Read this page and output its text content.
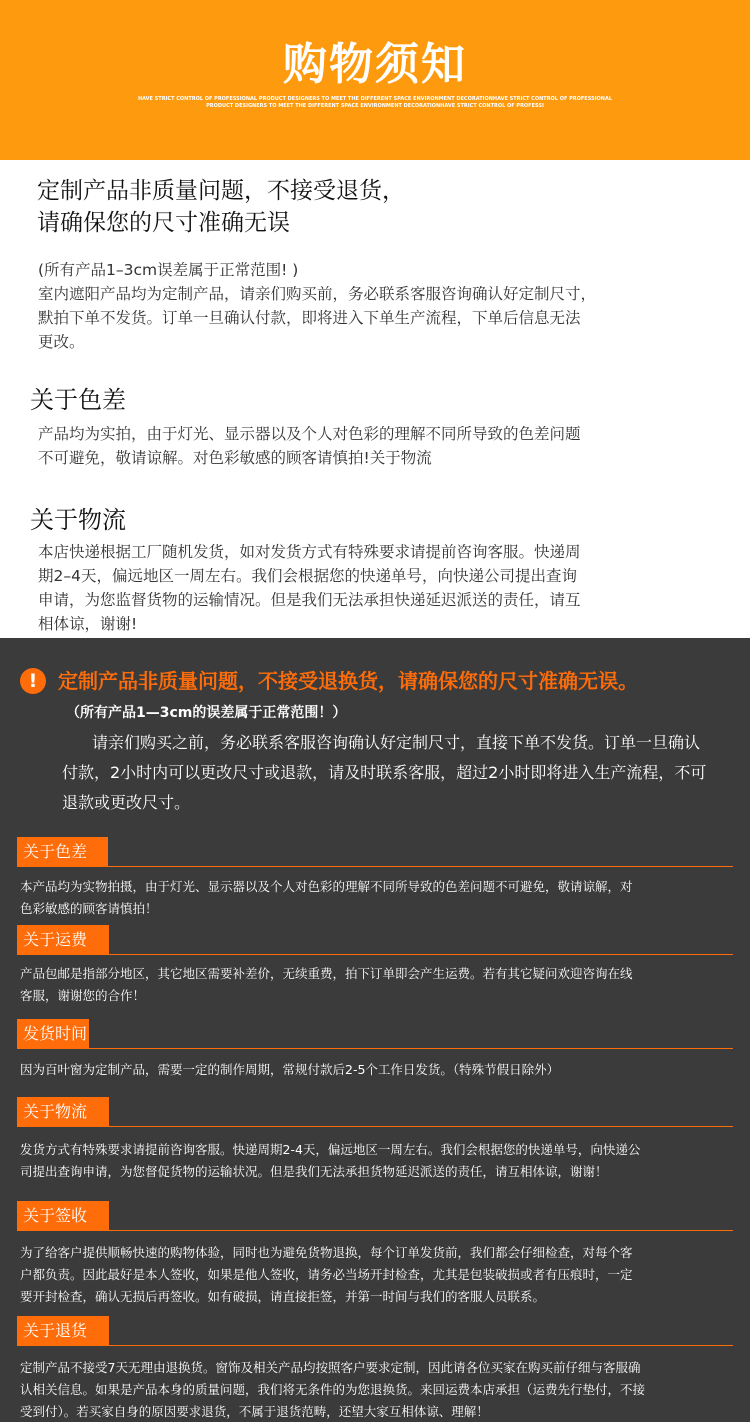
购物须知
HAVE STRICT CONTROL OF PROFESSIONAL PRODUCT DESIGNERS TO MEET THE DIFFERENT SPACE ENVIRONMENT DECORATIONHAVE STRICT CONTROL OF PROFESSIONAL
PRODUCT DESIGNERS TO MEET THE DIFFERENT SPACE ENVIRONMENT DECORATIONHAVE STRICT CONTROL OF PROFESSI
定制产品非质量问题，不接受退货，
请确保您的尺寸准确无误
(所有产品1–3cm误差属于正常范围! )
室内遮阳产品均为定制产品，请亲们购买前，务必联系客服咨询确认好定制尺寸，
默拍下单不发货。订单一旦确认付款，即将进入下单生产流程，下单后信息无法
更改。
关于色差
产品均为实拍，由于灯光、显示器以及个人对色彩的理解不同所导致的色差问题
不可避免，敬请谅解。对色彩敏感的顾客请慎拍!关于物流
关于物流
本店快递根据工厂随机发货，如对发货方式有特殊要求请提前咨询客服。快递周
期2–4天，偏远地区一周左右。我们会根据您的快递单号，向快递公司提出查询
申请，为您监督货物的运输情况。但是我们无法承担快递延迟派送的责任，请互
相体谅，谢谢!
!	定制产品非质量问题，不接受退换货，请确保您的尺寸准确无误。
（所有产品1—3cm的误差属于正常范围！）
请亲们购买之前，务必联系客服咨询确认好定制尺寸，直接下单不发货。订单一旦确认
付款，2小时内可以更改尺寸或退款，请及时联系客服，超过2小时即将进入生产流程，不可
退款或更改尺寸。
关于色差
本产品均为实物拍摄，由于灯光、显示器以及个人对色彩的理解不同所导致的色差问题不可避免，敬请谅解，对
色彩敏感的顾客请慎拍！
关于运费
产品包邮是指部分地区，其它地区需要补差价，无续重费，拍下订单即会产生运费。若有其它疑问欢迎咨询在线
客服，谢谢您的合作！
发货时间
因为百叶窗为定制产品，需要一定的制作周期，常规付款后2-5个工作日发货。（特殊节假日除外）
关于物流
发货方式有特殊要求请提前咨询客服。快递周期2-4天，偏远地区一周左右。我们会根据您的快递单号，向快递公
司提出查询申请，为您督促货物的运输状况。但是我们无法承担货物延迟派送的责任，请互相体谅，谢谢！
关于签收
为了给客户提供顺畅快速的购物体验，同时也为避免货物退换，每个订单发货前，我们都会仔细检查，对每个客
户都负责。因此最好是本人签收，如果是他人签收，请务必当场开封检查，尤其是包装破损或者有压痕时，一定
要开封检查，确认无损后再签收。如有破损，请直接拒签，并第一时间与我们的客服人员联系。
关于退货
定制产品不接受7天无理由退换货。窗饰及相关产品均按照客户要求定制，因此请各位买家在购买前仔细与客服确
认相关信息。如果是产品本身的质量问题，我们将无条件的为您退换货。来回运费本店承担（运费先行垫付，不接
受到付）。若买家自身的原因要求退货，不属于退货范畴，还望大家互相体谅、理解！
